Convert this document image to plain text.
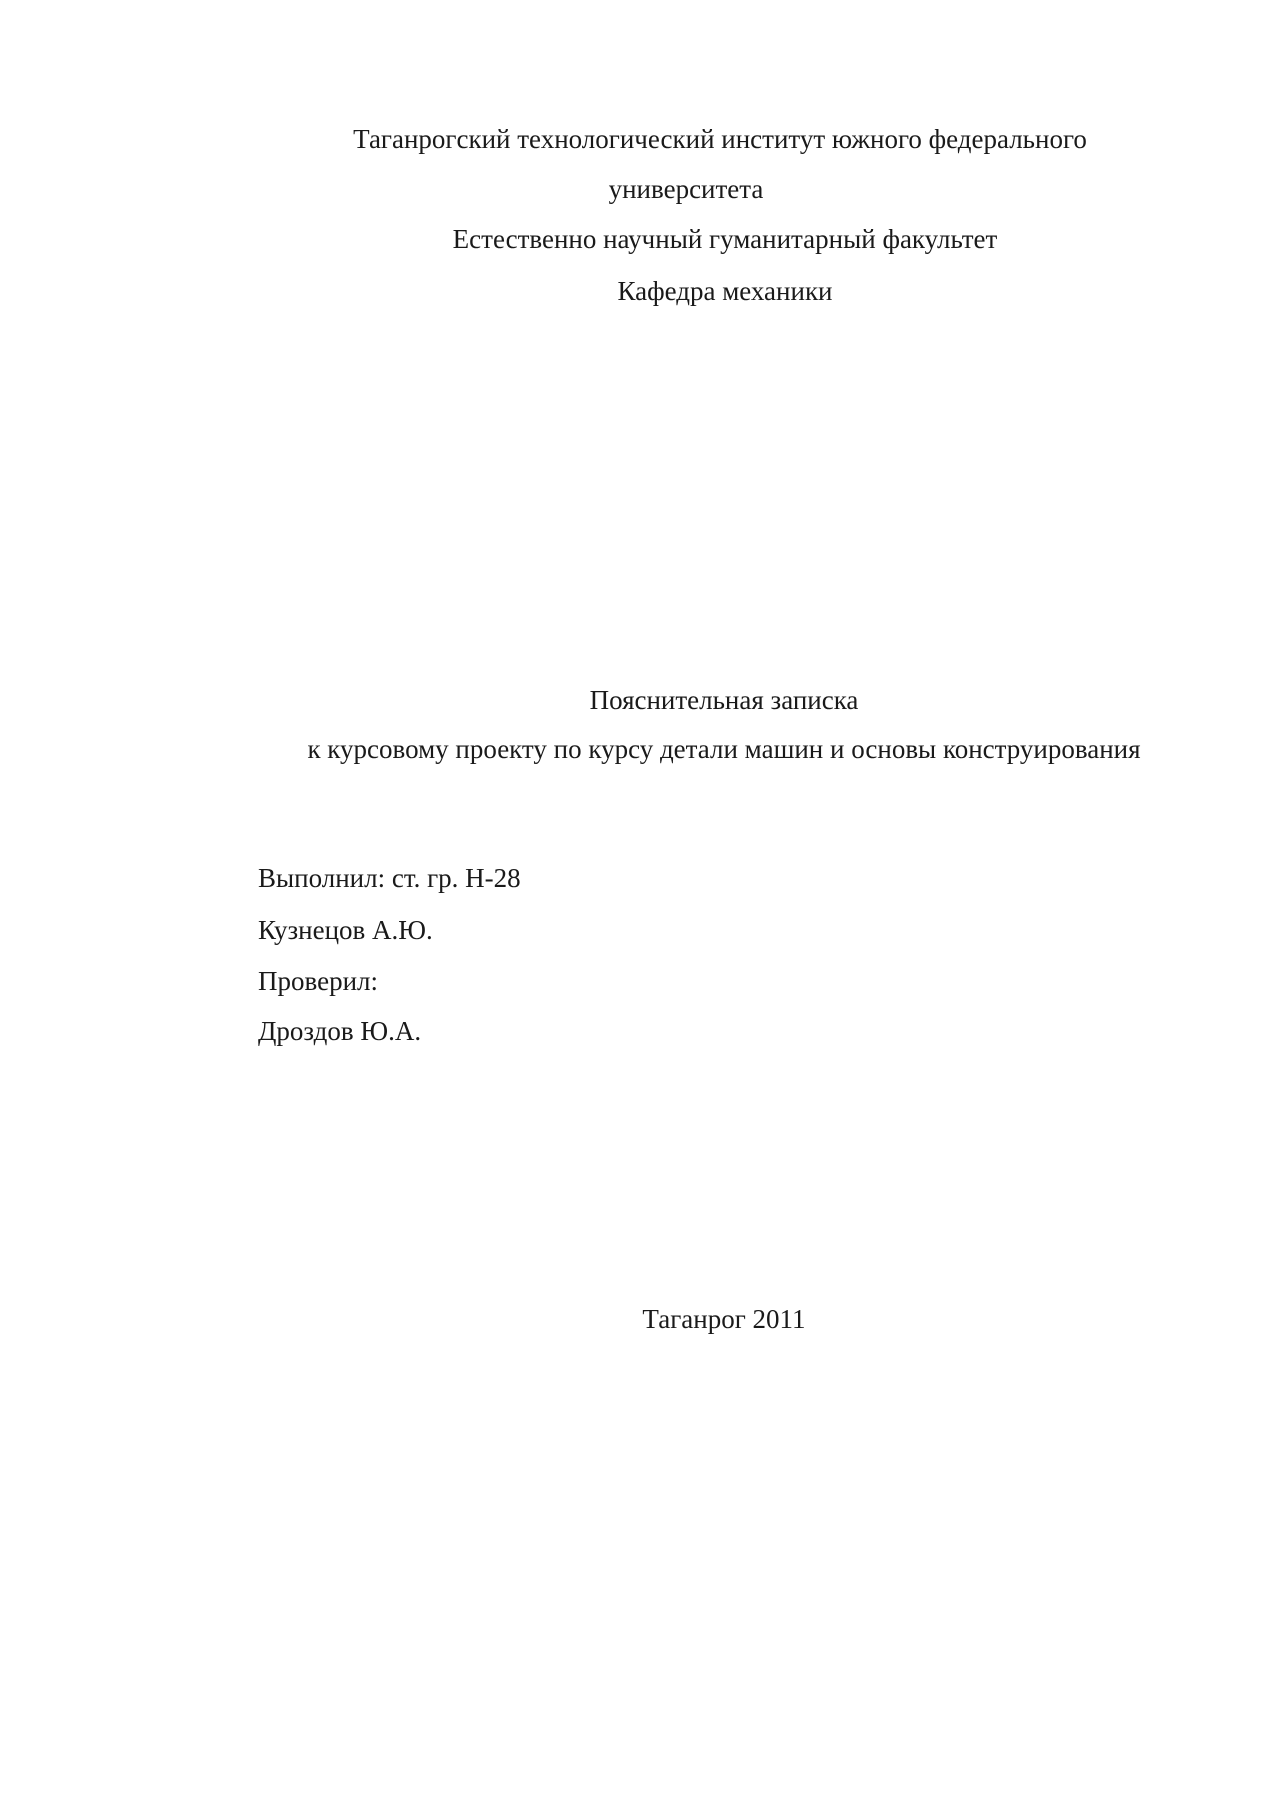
Таганрогский технологический институт южного федерального
университета
Естественно научный гуманитарный факультет
Кафедра механики
Пояснительная записка
к курсовому проекту по курсу детали машин и основы конструирования
Выполнил: ст. гр. Н-28
Кузнецов А.Ю.
Проверил:
Дроздов Ю.А.
Таганрог 2011
